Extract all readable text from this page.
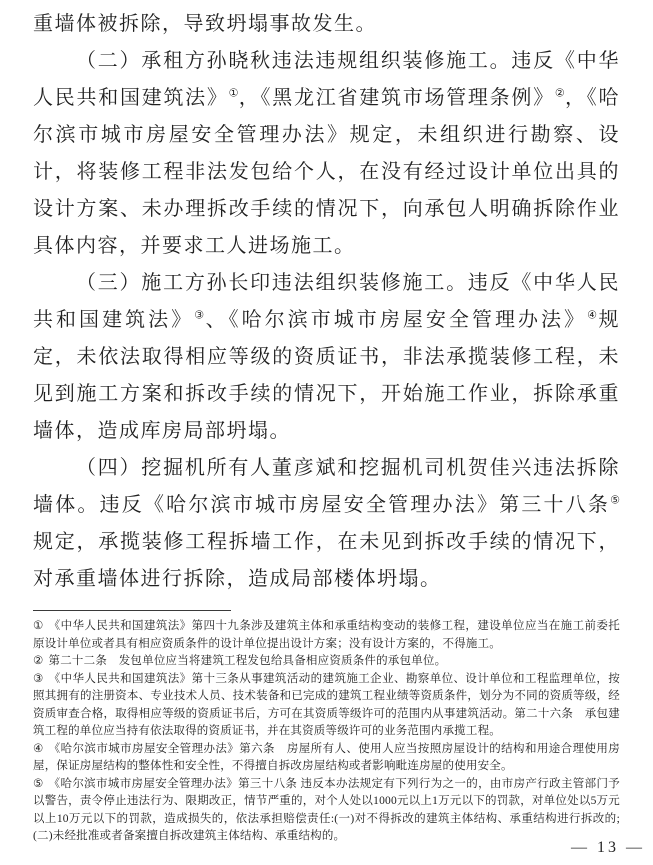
重墙体被拆除，导致坍塌事故发生。

（二）承租方孙晓秋违法违规组织装修施工。违反《中华人民共和国建筑法》①，《黑龙江省建筑市场管理条例》②，《哈尔滨市城市房屋安全管理办法》规定，未组织进行勘察、设计，将装修工程非法发包给个人，在没有经过设计单位出具的设计方案、未办理拆改手续的情况下，向承包人明确拆除作业具体内容，并要求工人进场施工。

（三）施工方孙长印违法组织装修施工。违反《中华人民共和国建筑法》③、《哈尔滨市城市房屋安全管理办法》④规定，未依法取得相应等级的资质证书，非法承揽装修工程，未见到施工方案和拆改手续的情况下，开始施工作业，拆除承重墙体，造成库房局部坍塌。

（四）挖掘机所有人董彦斌和挖掘机司机贺佳兴违法拆除墙体。违反《哈尔滨市城市房屋安全管理办法》第三十八条⑤规定，承揽装修工程拆墙工作，在未见到拆改手续的情况下，对承重墙体进行拆除，造成局部楼体坍塌。

① 《中华人民共和国建筑法》第四十九条涉及建筑主体和承重结构变动的装修工程，建设单位应当在施工前委托原设计单位或者具有相应资质条件的设计单位提出设计方案；没有设计方案的，不得施工。
② 第二十二条　发包单位应当将建筑工程发包给具备相应资质条件的承包单位。
③ 《中华人民共和国建筑法》第十三条从事建筑活动的建筑施工企业、勘察单位、设计单位和工程监理单位，按照其拥有的注册资本、专业技术人员、技术装备和已完成的建筑工程业绩等资质条件，划分为不同的资质等级，经资质审查合格，取得相应等级的资质证书后，方可在其资质等级许可的范围内从事建筑活动。第二十六条　承包建筑工程的单位应当持有依法取得的资质证书，并在其资质等级许可的业务范围内承揽工程。
④ 《哈尔滨市城市房屋安全管理办法》第六条　房屋所有人、使用人应当按照房屋设计的结构和用途合理使用房屋，保证房屋结构的整体性和安全性，不得擅自拆改房屋结构或者影响毗连房屋的使用安全。
⑤ 《哈尔滨市城市房屋安全管理办法》第三十八条 违反本办法规定有下列行为之一的，由市房产行政主管部门予以警告，责令停止违法行为、限期改正，情节严重的，对个人处以1000元以上1万元以下的罚款，对单位处以5万元以上10万元以下的罚款，造成损失的，依法承担赔偿责任:(一)对不得拆改的建筑主体结构、承重结构进行拆改的;(二)未经批准或者备案擅自拆改建筑主体结构、承重结构的。
— 13 —
